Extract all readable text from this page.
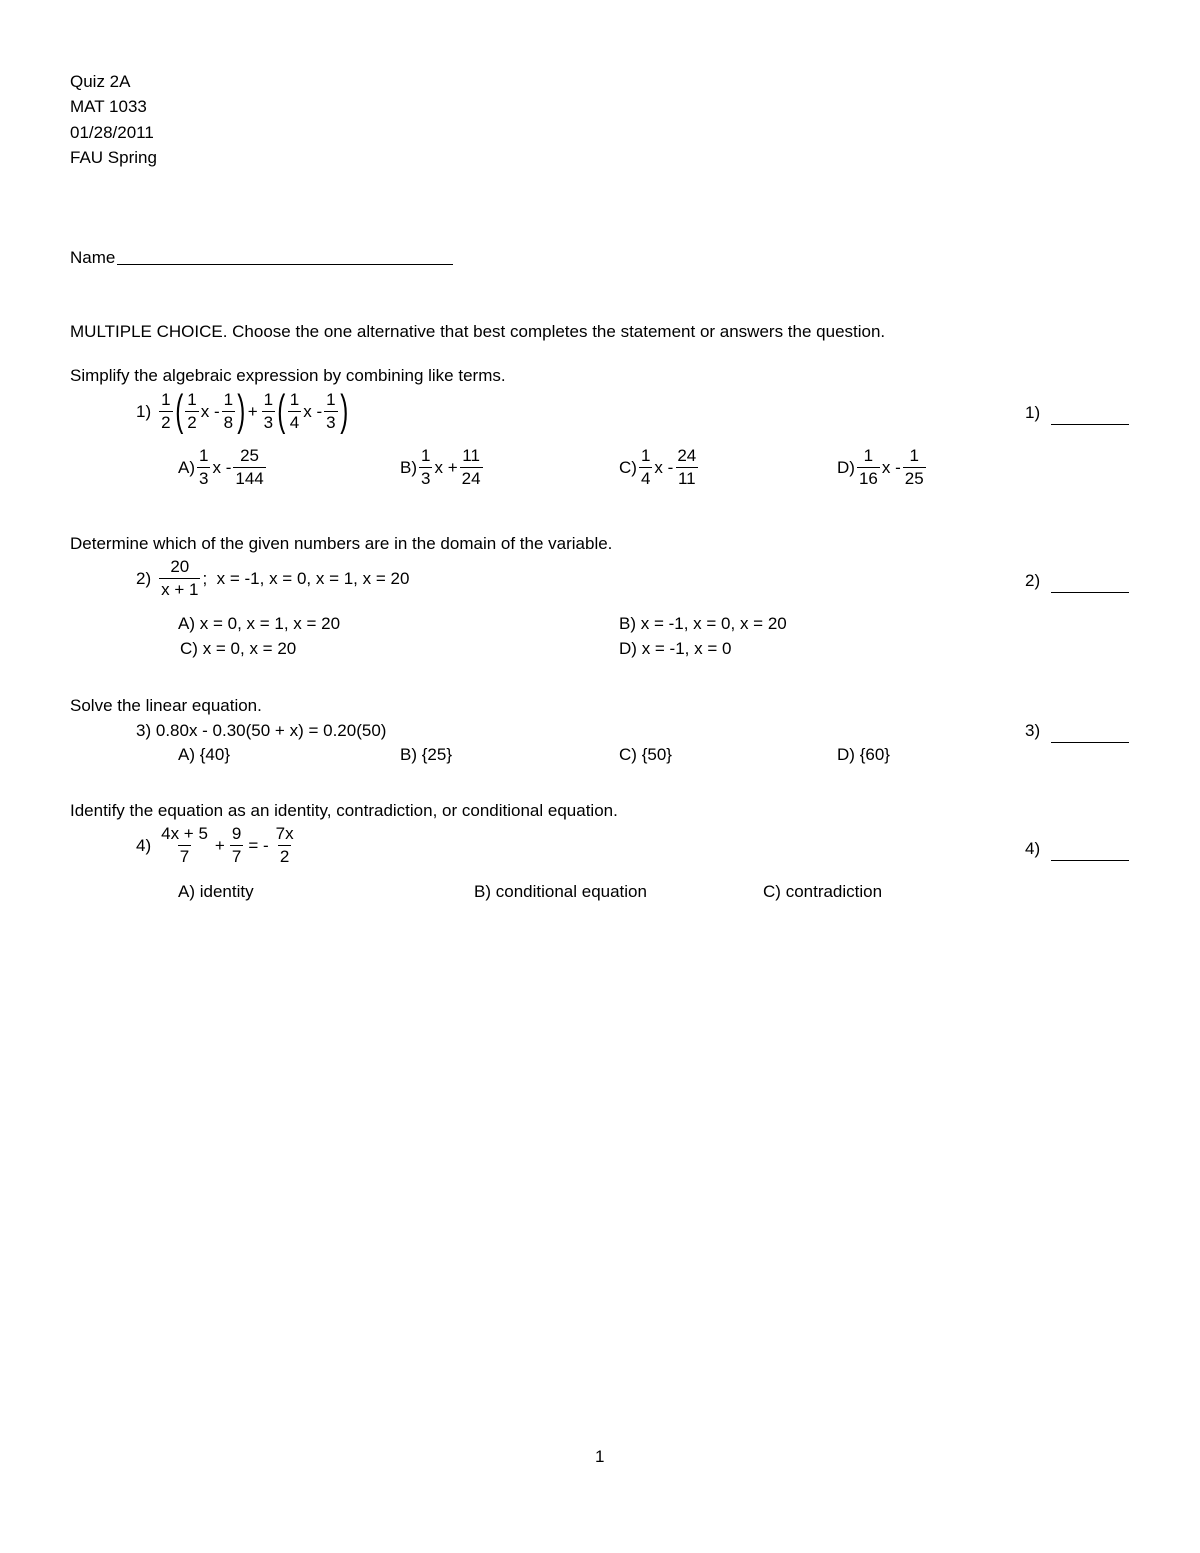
Quiz 2A
MAT 1033
01/28/2011
FAU Spring
Name
MULTIPLE CHOICE. Choose the one alternative that best completes the statement or answers the question.
Simplify the algebraic expression by combining like terms.
$1) \frac{1}{2}$ ( $\frac{1}{2}$ x - $\frac{1}{8}$ ) + $\frac{1}{3}$ ( $\frac{1}{4}$ x - $\frac{1}{3}$ )	1)
$A) \frac{1}{3}$ x - $\frac{25}{144}$	$B) \frac{1}{3}$ $x + \frac{11}{24}$	$C) \frac{1}{4}$ x - $\frac{24}{11}$	$D) \frac{1}{16}$ x - $\frac{1}{25}$
Determine which of the given numbers are in the domain of the variable.
$2) \frac{20}{x + 1}$ ;  x = -1, x = 0, x = 1, x = 20	2)
A) x = 0, x = 1, x = 20	B) x = -1, x = 0, x = 20
C) x = 0, x = 20	D) x = -1, x = 0
Solve the linear equation.
3) 0.80x - 0.30(50 + x) = 0.20(50)	3)
A) {40}	B) {25}	C) {50}	D) {60}
Identify the equation as an identity, contradiction, or conditional equation.
$4) \frac{4x + 5}{7} + \frac{9}{7}$ = - $\frac{7x}{2}$	4)
A) identity	B) conditional equation	C) contradiction
1
